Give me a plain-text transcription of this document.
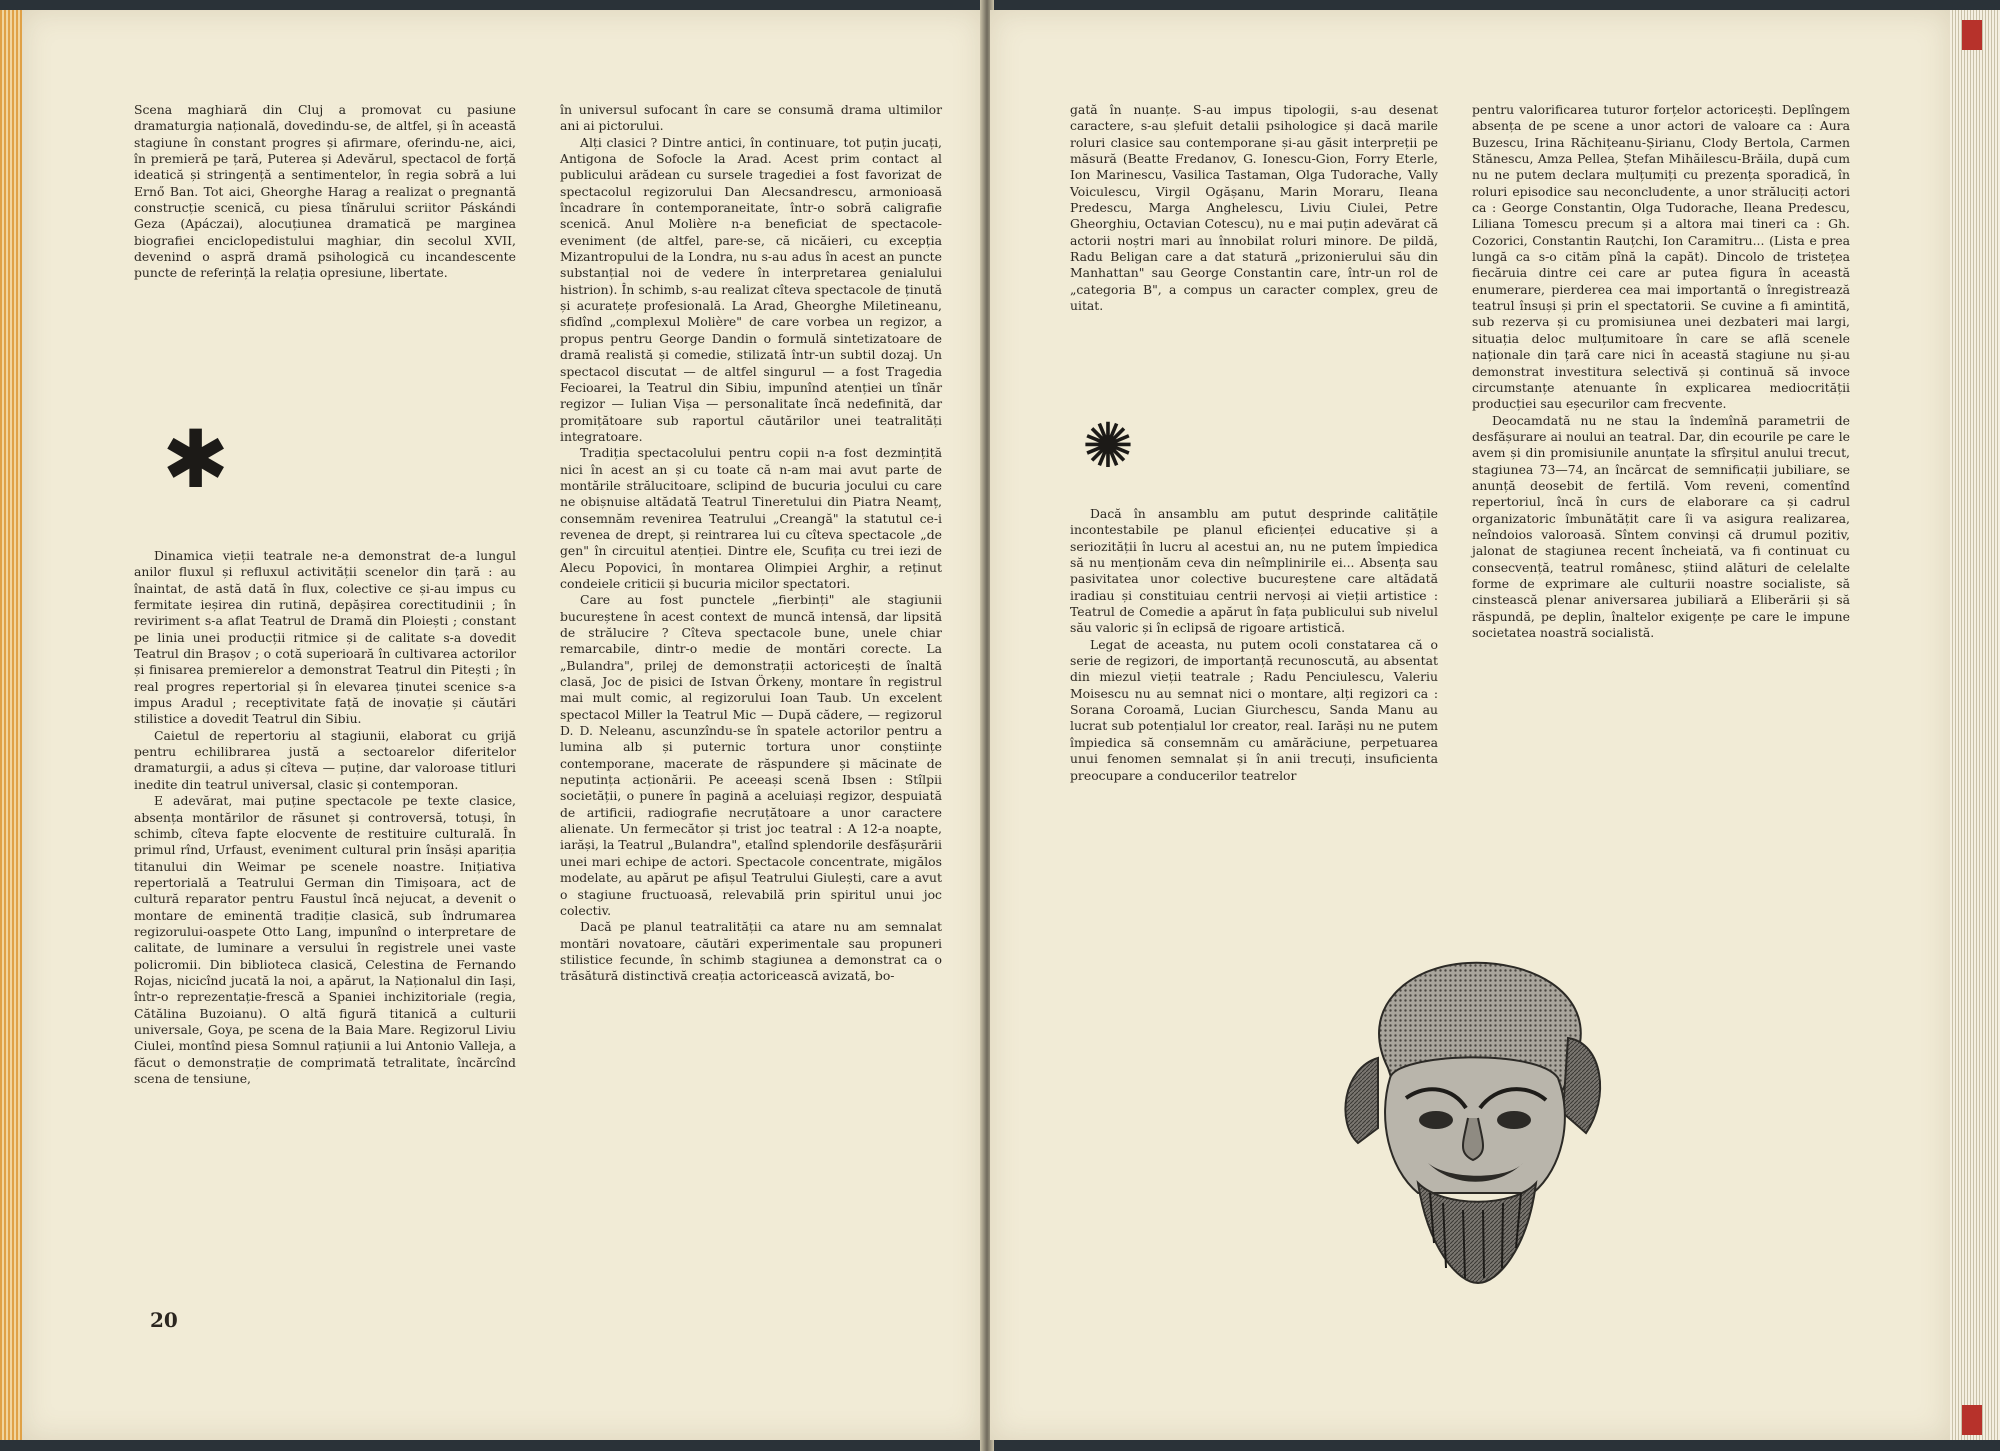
Scena maghiară din Cluj a promovat cu pasiune dramaturgia națională, dovedindu-se, de altfel, și în această stagiune în constant progres și afirmare, oferindu-ne, aici, în premieră pe țară, Puterea și Adevărul, spectacol de forță ideatică și stringență a sentimentelor, în regia sobră a lui Ernő Ban. Tot aici, Gheorghe Harag a realizat o pregnantă construcție scenică, cu piesa tînărului scriitor Páskándi Geza (Apáczai), alocuțiunea dramatică pe marginea biografiei enciclopedistului maghiar, din secolul XVII, devenind o aspră dramă psihologică cu incandescente puncte de referință la relația opresiune, libertate.

✱

Dinamica vieții teatrale ne-a demonstrat de-a lungul anilor fluxul și refluxul activității scenelor din țară : au înaintat, de astă dată în flux, colective ce și-au impus cu fermitate ieșirea din rutină, depășirea corectitudinii ; în reviriment s-a aflat Teatrul de Dramă din Ploiești ; constant pe linia unei producții ritmice și de calitate s-a dovedit Teatrul din Brașov ; o cotă superioară în cultivarea actorilor și finisarea premierelor a demonstrat Teatrul din Pitești ; în real progres repertorial și în elevarea ținutei scenice s-a impus Aradul ; receptivitate față de inovație și căutări stilistice a dovedit Teatrul din Sibiu.

Caietul de repertoriu al stagiunii, elaborat cu grijă pentru echilibrarea justă a sectoarelor diferitelor dramaturgii, a adus și cîteva — puține, dar valoroase titluri inedite din teatrul universal, clasic și contemporan.

E adevărat, mai puține spectacole pe texte clasice, absența montărilor de răsunet și controversă, totuși, în schimb, cîteva fapte elocvente de restituire culturală. În primul rînd, Urfaust, eveniment cultural prin însăși apariția titanului din Weimar pe scenele noastre. Inițiativa repertorială a Teatrului German din Timișoara, act de cultură reparator pentru Faustul încă nejucat, a devenit o montare de eminentă tradiție clasică, sub îndrumarea regizorului-oaspete Otto Lang, impunînd o interpretare de calitate, de luminare a versului în registrele unei vaste policromii. Din biblioteca clasică, Celestina de Fernando Rojas, nicicînd jucată la noi, a apărut, la Naționalul din Iași, într-o reprezentație-frescă a Spaniei inchizitoriale (regia, Cătălina Buzoianu). O altă figură titanică a culturii universale, Goya, pe scena de la Baia Mare. Regizorul Liviu Ciulei, montînd piesa Somnul rațiunii a lui Antonio Valleja, a făcut o demonstrație de comprimată tetralitate, încărcînd scena de tensiune,

în universul sufocant în care se consumă drama ultimilor ani ai pictorului.

Alți clasici ? Dintre antici, în continuare, tot puțin jucați, Antigona de Sofocle la Arad. Acest prim contact al publicului arădean cu sursele tragediei a fost favorizat de spectacolul regizorului Dan Alecsandrescu, armonioasă încadrare în contemporaneitate, într-o sobră caligrafie scenică. Anul Molière n-a beneficiat de spectacole-eveniment (de altfel, pare-se, că nicăieri, cu excepția Mizantropului de la Londra, nu s-au adus în acest an puncte substanțial noi de vedere în interpretarea genialului histrion). În schimb, s-au realizat cîteva spectacole de ținută și acuratețe profesională. La Arad, Gheorghe Miletineanu, sfidînd „complexul Molière" de care vorbea un regizor, a propus pentru George Dandin o formulă sintetizatoare de dramă realistă și comedie, stilizată într-un subtil dozaj. Un spectacol discutat — de altfel singurul — a fost Tragedia Fecioarei, la Teatrul din Sibiu, impunînd atenției un tînăr regizor — Iulian Vișa — personalitate încă nedefinită, dar promițătoare sub raportul căutărilor unei teatralități integratoare.

Tradiția spectacolului pentru copii n-a fost dezmințită nici în acest an și cu toate că n-am mai avut parte de montările strălucitoare, sclipind de bucuria jocului cu care ne obișnuise altădată Teatrul Tineretului din Piatra Neamț, consemnăm revenirea Teatrului „Creangă" la statutul ce-i revenea de drept, și reintrarea lui cu cîteva spectacole „de gen" în circuitul atenției. Dintre ele, Scufița cu trei iezi de Alecu Popovici, în montarea Olimpiei Arghir, a reținut condeiele criticii și bucuria micilor spectatori.

Care au fost punctele „fierbinți" ale stagiunii bucureștene în acest context de muncă intensă, dar lipsită de strălucire ? Cîteva spectacole bune, unele chiar remarcabile, dintr-o medie de montări corecte. La „Bulandra", prilej de demonstrații actoricești de înaltă clasă, Joc de pisici de Istvan Örkeny, montare în registrul mai mult comic, al regizorului Ioan Taub. Un excelent spectacol Miller la Teatrul Mic — După cădere, — regizorul D. D. Neleanu, ascunzîndu-se în spatele actorilor pentru a lumina alb și puternic tortura unor conștiințe contemporane, macerate de răspundere și măcinate de neputința acționării. Pe aceeași scenă Ibsen : Stîlpii societății, o punere în pagină a aceluiași regizor, despuiată de artificii, radiografie necruțătoare a unor caractere alienate. Un fermecător și trist joc teatral : A 12-a noapte, iarăși, la Teatrul „Bulandra", etalînd splendorile desfășurării unei mari echipe de actori. Spectacole concentrate, migălos modelate, au apărut pe afișul Teatrului Giulești, care a avut o stagiune fructuoasă, relevabilă prin spiritul unui joc colectiv.

Dacă pe planul teatralității ca atare nu am semnalat montări novatoare, căutări experimentale sau propuneri stilistice fecunde, în schimb stagiunea a demonstrat ca o trăsătură distinctivă creația actoricească avizată, bo-

20

gată în nuanțe. S-au impus tipologii, s-au desenat caractere, s-au șlefuit detalii psihologice și dacă marile roluri clasice sau contemporane și-au găsit interpreții pe măsură (Beatte Fredanov, G. Ionescu-Gion, Forry Eterle, Ion Marinescu, Vasilica Tastaman, Olga Tudorache, Vally Voiculescu, Virgil Ogășanu, Marin Moraru, Ileana Predescu, Marga Anghelescu, Liviu Ciulei, Petre Gheorghiu, Octavian Cotescu), nu e mai puțin adevărat că actorii noștri mari au înnobilat roluri minore. De pildă, Radu Beligan care a dat statură „prizonierului său din Manhattan" sau George Constantin care, într-un rol de „categoria B", a compus un caracter complex, greu de uitat.

✺

Dacă în ansamblu am putut desprinde calitățile incontestabile pe planul eficienței educative și a seriozității în lucru al acestui an, nu ne putem împiedica să nu menționăm ceva din neîmplinirile ei... Absența sau pasivitatea unor colective bucureștene care altădată iradiau și constituiau centrii nervoși ai vieții artistice : Teatrul de Comedie a apărut în fața publicului sub nivelul său valoric și în eclipsă de rigoare artistică.

Legat de aceasta, nu putem ocoli constatarea că o serie de regizori, de importanță recunoscută, au absentat din miezul vieții teatrale ; Radu Penciulescu, Valeriu Moisescu nu au semnat nici o montare, alți regizori ca : Sorana Coroamă, Lucian Giurchescu, Sanda Manu au lucrat sub potențialul lor creator, real. Iarăși nu ne putem împiedica să consemnăm cu amărăciune, perpetuarea unui fenomen semnalat și în anii trecuți, insuficienta preocupare a conducerilor teatrelor

pentru valorificarea tuturor forțelor actoricești. Deplîngem absența de pe scene a unor actori de valoare ca : Aura Buzescu, Irina Răchițeanu-Șirianu, Clody Bertola, Carmen Stănescu, Amza Pellea, Ștefan Mihăilescu-Brăila, după cum nu ne putem declara mulțumiți cu prezența sporadică, în roluri episodice sau neconcludente, a unor străluciți actori ca : George Constantin, Olga Tudorache, Ileana Predescu, Liliana Tomescu precum și a altora mai tineri ca : Gh. Cozorici, Constantin Rauțchi, Ion Caramitru... (Lista e prea lungă ca s-o cităm pînă la capăt). Dincolo de tristețea fiecăruia dintre cei care ar putea figura în această enumerare, pierderea cea mai importantă o înregistrează teatrul însuși și prin el spectatorii. Se cuvine a fi amintită, sub rezerva și cu promisiunea unei dezbateri mai largi, situația deloc mulțumitoare în care se află scenele naționale din țară care nici în această stagiune nu și-au demonstrat investitura selectivă și continuă să invoce circumstanțe atenuante în explicarea mediocrității producției sau eșecurilor cam frecvente.

Deocamdată nu ne stau la îndemînă parametrii de desfășurare ai noului an teatral. Dar, din ecourile pe care le avem și din promisiunile anunțate la sfîrșitul anului trecut, stagiunea 73—74, an încărcat de semnificații jubiliare, se anunță deosebit de fertilă. Vom reveni, comentînd repertoriul, încă în curs de elaborare ca și cadrul organizatoric îmbunătățit care îi va asigura realizarea, neîndoios valoroasă. Sîntem convinși că drumul pozitiv, jalonat de stagiunea recent încheiată, va fi continuat cu consecvență, teatrul românesc, știind alături de celelalte forme de exprimare ale culturii noastre socialiste, să cinstească plenar aniversarea jubiliară a Eliberării și să răspundă, pe deplin, înaltelor exigențe pe care le impune societatea noastră socialistă.
